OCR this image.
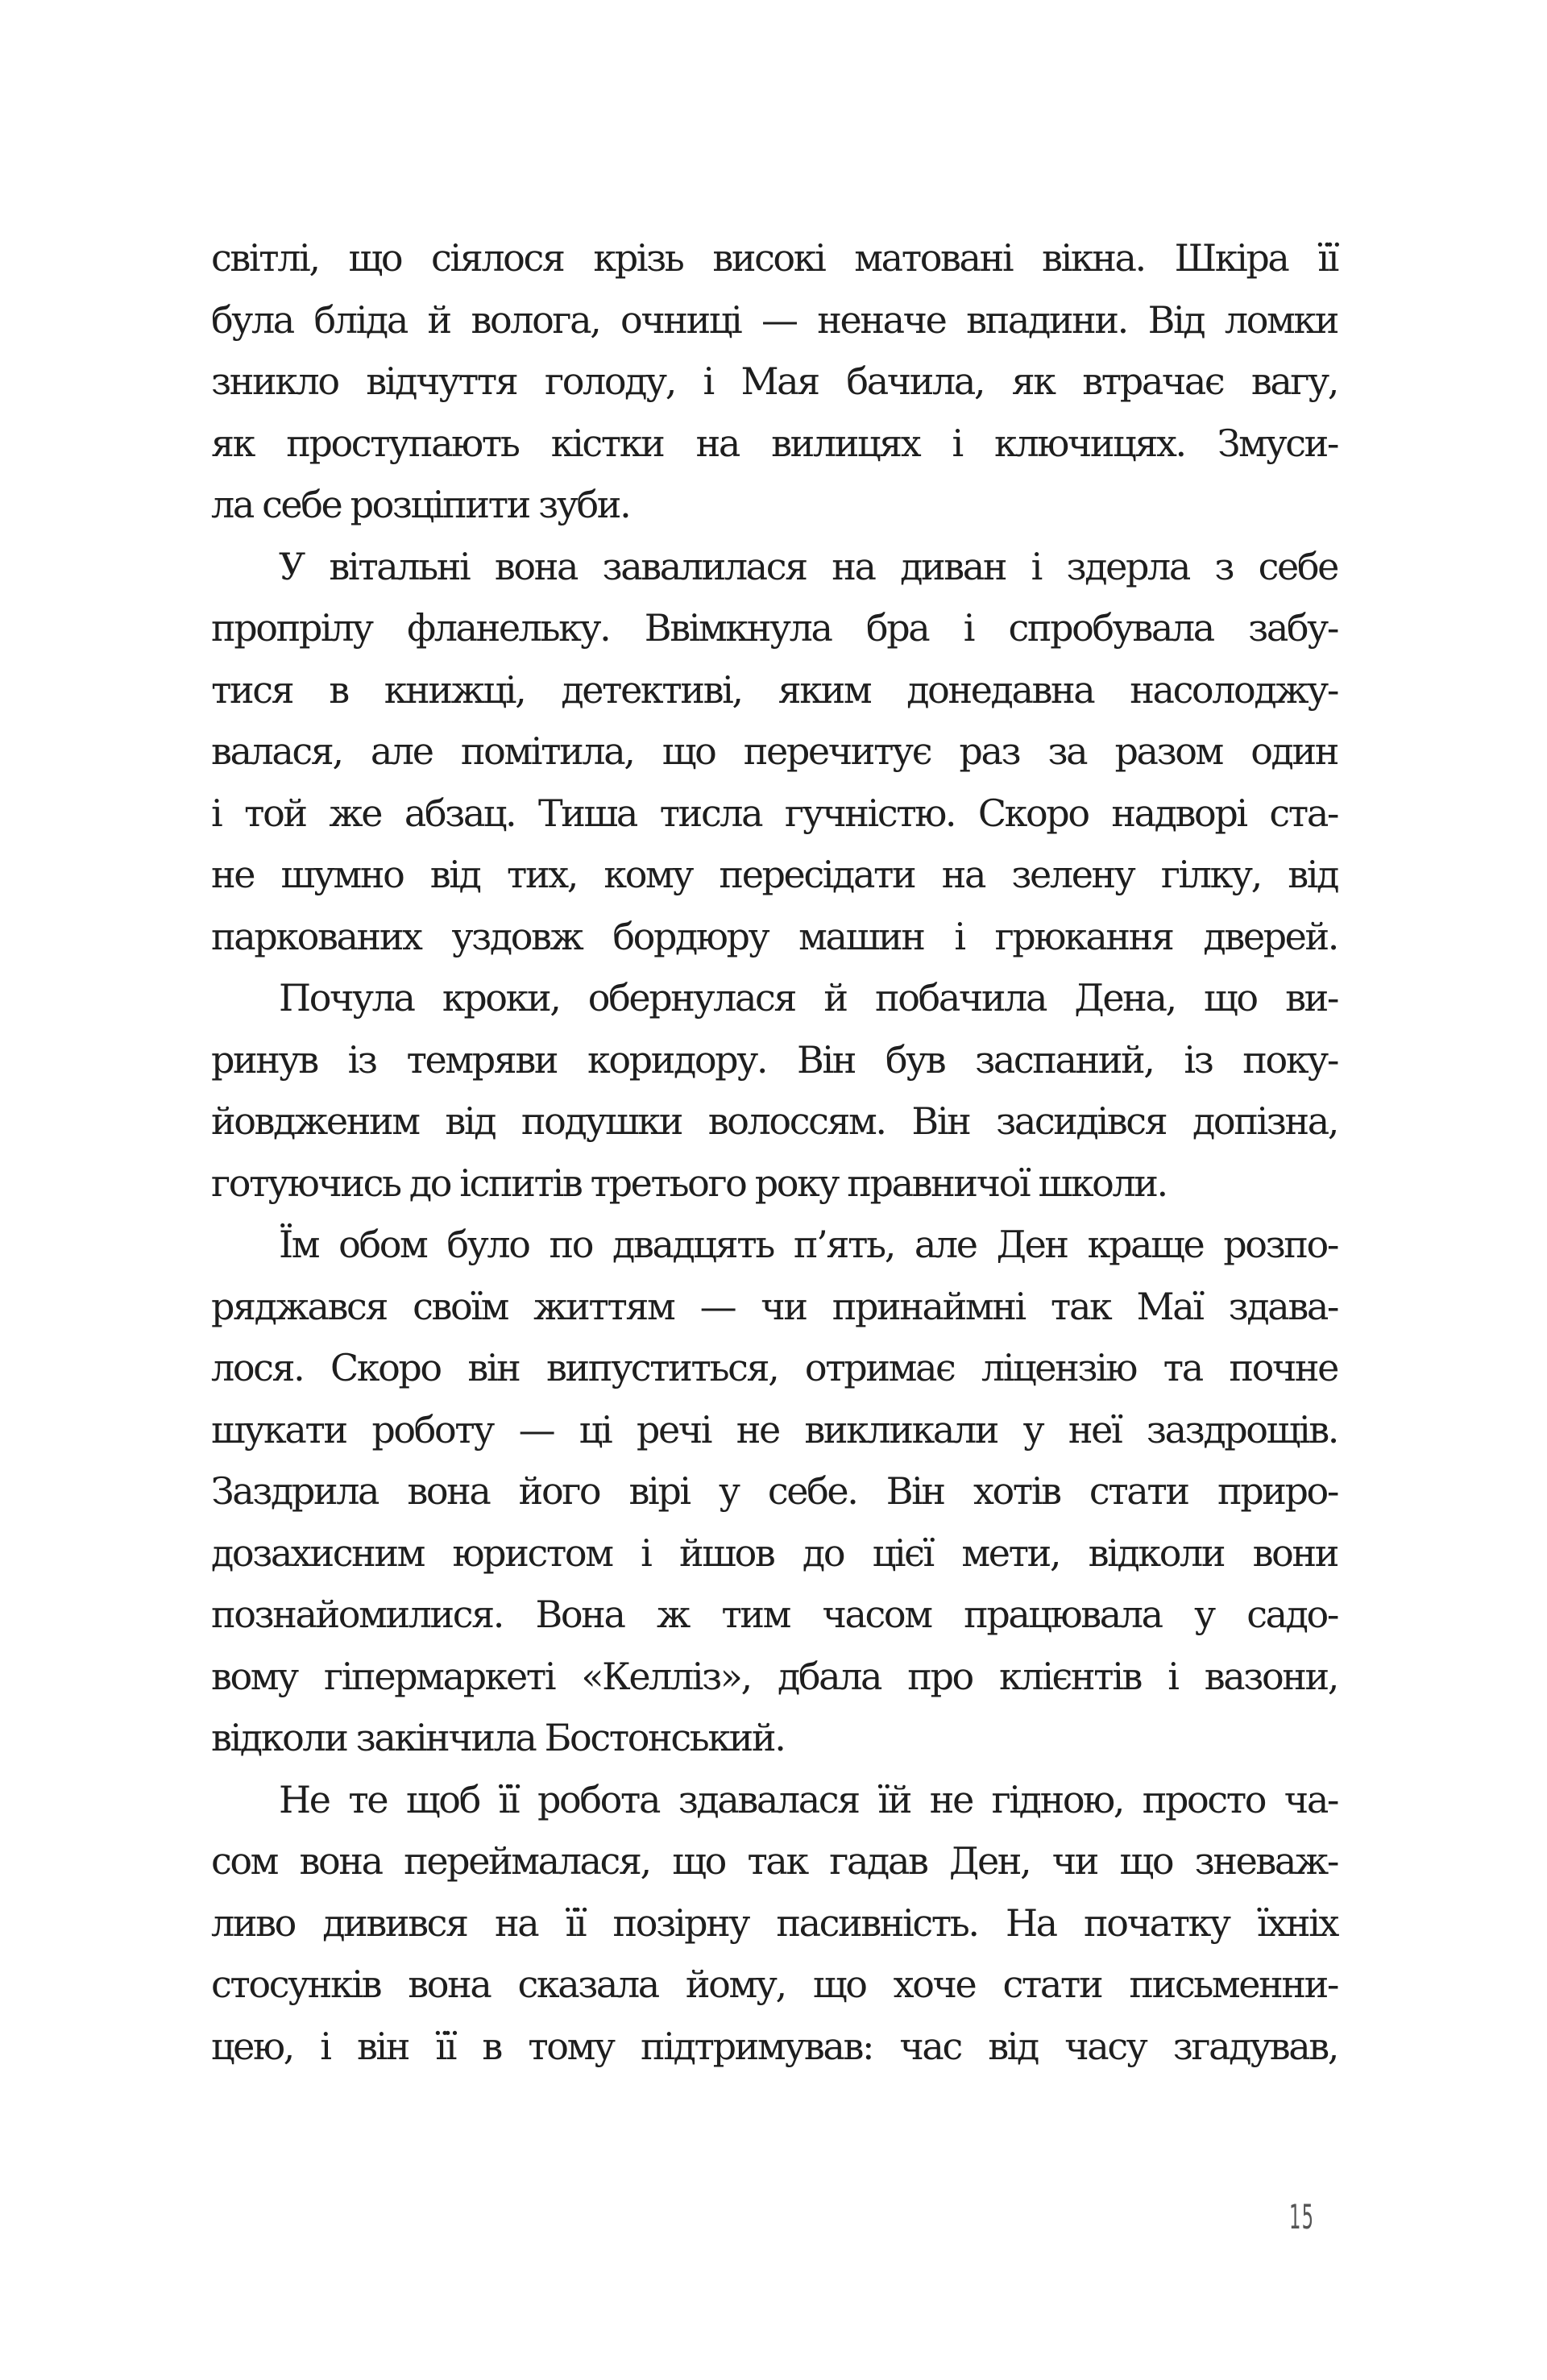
світлі, що сіялося крізь високі матовані вікна. Шкіра її
була бліда й волога, очниці — неначе впадини. Від ломки
зникло відчуття голоду, і Мая бачила, як втрачає вагу,
як проступають кістки на вилицях і ключицях. Змуси-
ла себе розціпити зуби.
У вітальні вона завалилася на диван і здерла з себе
пропрілу фланельку. Ввімкнула бра і спробувала забу-
тися в книжці, детективі, яким донедавна насолоджу-
валася, але помітила, що перечитує раз за разом один
і той же абзац. Тиша тисла гучністю. Скоро надворі ста-
не шумно від тих, кому пересідати на зелену гілку, від
паркованих уздовж бордюру машин і грюкання дверей.
Почула кроки, обернулася й побачила Дена, що ви-
ринув із темряви коридору. Він був заспаний, із поку-
йовдженим від подушки волоссям. Він засидівся допізна,
готуючись до іспитів третього року правничої школи.
Їм обом було по двадцять п’ять, але Ден краще розпо-
ряджався своїм життям — чи принаймні так Маї здава-
лося. Скоро він випуститься, отримає ліцензію та почне
шукати роботу — ці речі не викликали у неї заздрощів.
Заздрила вона його вірі у себе. Він хотів стати приро-
дозахисним юристом і йшов до цієї мети, відколи вони
познайомилися. Вона ж тим часом працювала у садо-
вому гіпермаркеті «Келліз», дбала про клієнтів і вазони,
відколи закінчила Бостонський.
Не те щоб її робота здавалася їй не гідною, просто ча-
сом вона переймалася, що так гадав Ден, чи що зневаж-
ливо дивився на її позірну пасивність. На початку їхніх
стосунків вона сказала йому, що хоче стати письменни-
цею, і він її в тому підтримував: час від часу згадував,
15
